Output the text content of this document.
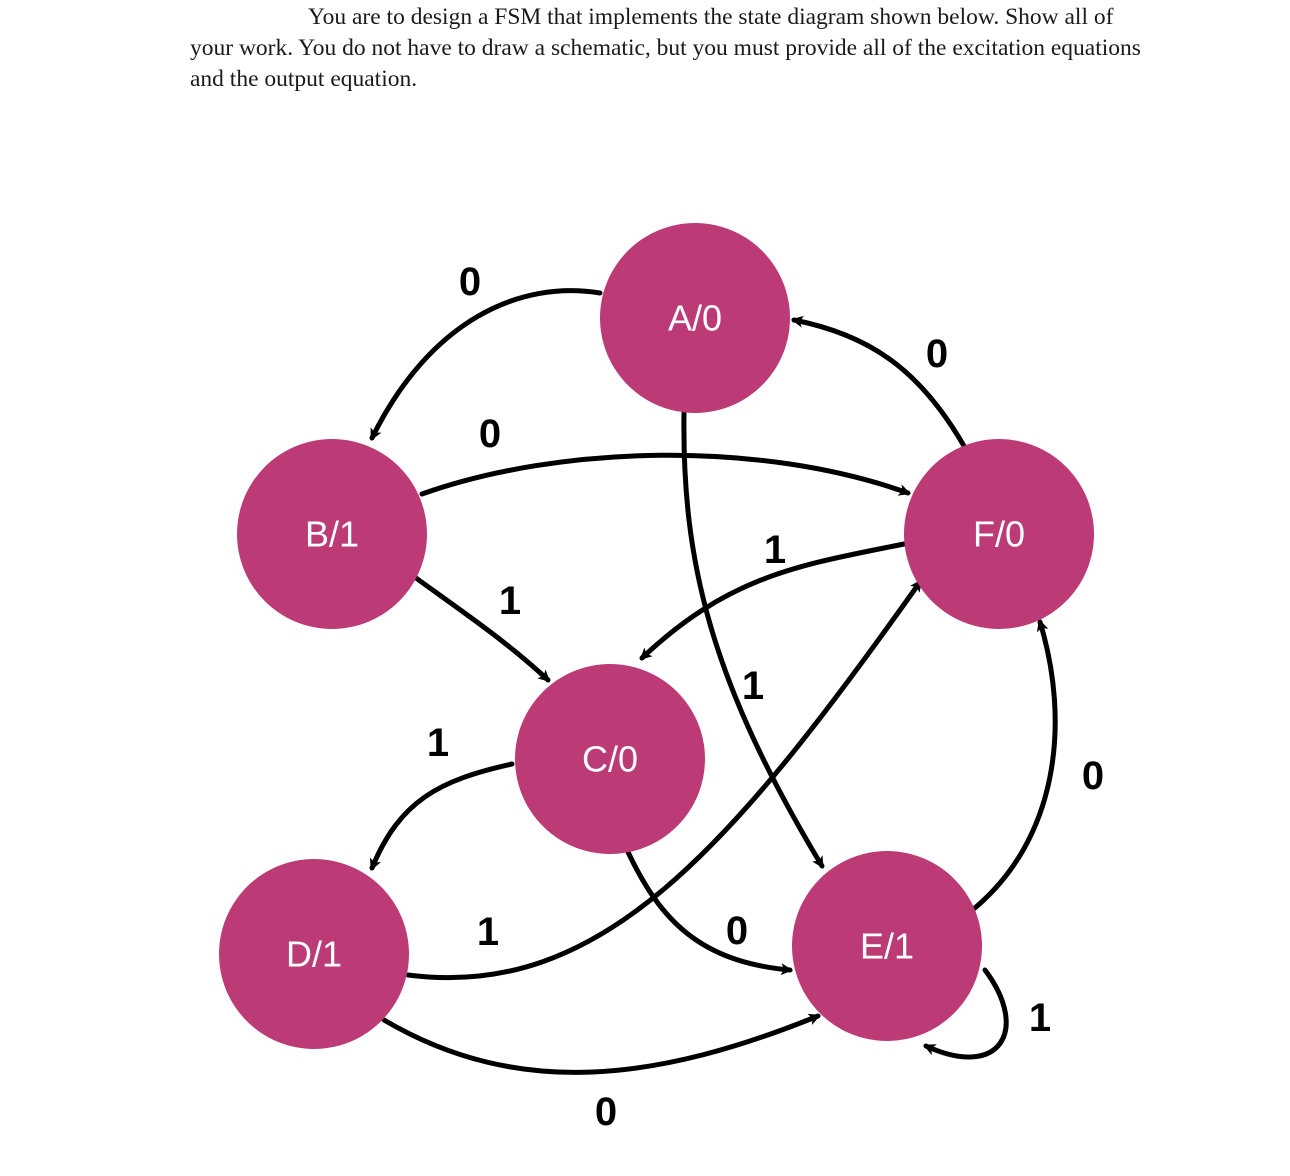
You are to design a FSM that implements the state diagram shown below. Show all of your work. You do not have to draw a schematic, but you must provide all of the excitation equations and the output equation.

A/0
B/1
C/0
D/1	E/1
F/0
0
1
0
1
0
1
1
0
1
0
0
1
